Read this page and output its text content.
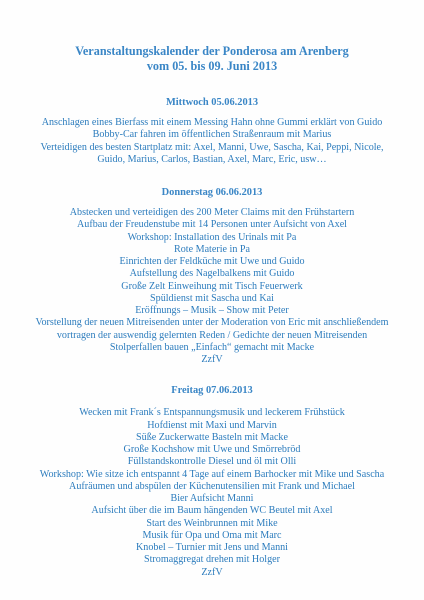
Veranstaltungskalender der Ponderosa am Arenberg
vom 05. bis 09. Juni 2013
Mittwoch 05.06.2013
Anschlagen eines Bierfass mit einem Messing Hahn ohne Gummi erklärt von Guido
Bobby-Car fahren im öffentlichen Straßenraum mit Marius
Verteidigen des besten Startplatz mit: Axel, Manni, Uwe, Sascha, Kai, Peppi, Nicole,
Guido, Marius, Carlos, Bastian, Axel, Marc, Eric, usw…
Donnerstag 06.06.2013
Abstecken und verteidigen des 200 Meter Claims mit den Frühstartern
Aufbau der Freudenstube mit 14 Personen unter Aufsicht von Axel
Workshop: Installation des Urinals mit Pa
Rote Materie in Pa
Einrichten der Feldküche mit Uwe und Guido
Aufstellung des Nagelbalkens mit Guido
Große Zelt Einweihung mit Tisch Feuerwerk
Spüldienst mit Sascha und Kai
Eröffnungs – Musik – Show mit Peter
Vorstellung der neuen Mitreisenden unter der Moderation von Eric mit anschließendem
vortragen der auswendig gelernten Reden / Gedichte der neuen Mitreisenden
Stolperfallen bauen „Einfach“ gemacht mit Macke
ZzfV
Freitag 07.06.2013
Wecken mit Frank´s Entspannungsmusik und leckerem Frühstück
Hofdienst mit Maxi und Marvin
Süße Zuckerwatte Basteln mit Macke
Große Kochshow mit Uwe und Smörrebröd
Füllstandskontrolle Diesel und öl mit Olli
Workshop: Wie sitze ich entspannt 4 Tage auf einem Barhocker mit Mike und Sascha
Aufräumen und abspülen der Küchenutensilien mit Frank und Michael
Bier Aufsicht Manni
Aufsicht über die im Baum hängenden WC Beutel mit Axel
Start des Weinbrunnen mit Mike
Musik für Opa und Oma mit Marc
Knobel – Turnier mit Jens und Manni
Stromaggregat drehen mit Holger
ZzfV
